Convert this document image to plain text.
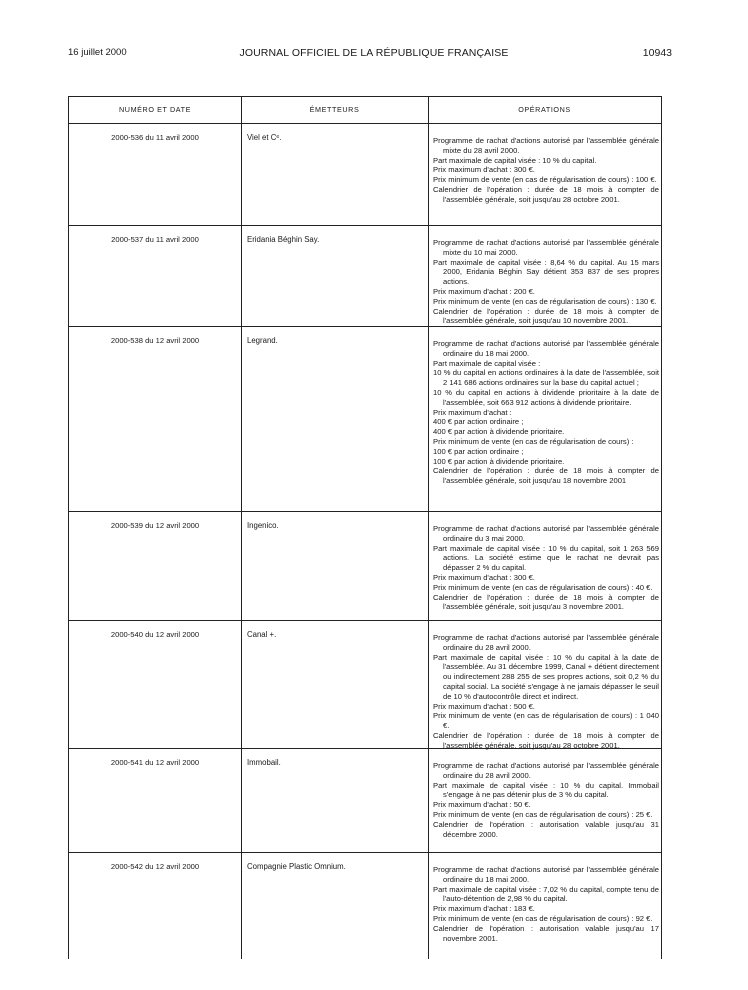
16 juillet 2000	JOURNAL OFFICIEL DE LA RÉPUBLIQUE FRANÇAISE	10943
NUMÉRO ET DATE	ÉMETTEURS	OPÉRATIONS
2000-536 du 11 avril 2000	Viel et Cᵉ.	Programme de rachat d'actions autorisé par l'assemblée générale mixte du 28 avril 2000.

Part maximale de capital visée : 10 % du capital.

Prix maximum d'achat : 300 €.

Prix minimum de vente (en cas de régularisation de cours) : 100 €.

Calendrier de l'opération : durée de 18 mois à compter de l'assemblée générale, soit jusqu'au 28 octobre 2001.

2000-537 du 11 avril 2000	Eridania Béghin Say.	Programme de rachat d'actions autorisé par l'assemblée générale mixte du 10 mai 2000.

Part maximale de capital visée : 8,64 % du capital. Au 15 mars 2000, Eridania Béghin Say détient 353 837 de ses propres actions.

Prix maximum d'achat : 200 €.

Prix minimum de vente (en cas de régularisation de cours) : 130 €.

Calendrier de l'opération : durée de 18 mois à compter de l'assemblée générale, soit jusqu'au 10 novembre 2001.

2000-538 du 12 avril 2000	Legrand.	Programme de rachat d'actions autorisé par l'assemblée générale ordinaire du 18 mai 2000.

Part maximale de capital visée :

10 % du capital en actions ordinaires à la date de l'assemblée, soit 2 141 686 actions ordinaires sur la base du capital actuel ;

10 % du capital en actions à dividende prioritaire à la date de l'assemblée, soit 663 912 actions à dividende prioritaire.

Prix maximum d'achat :

400 € par action ordinaire ;

400 € par action à dividende prioritaire.

Prix minimum de vente (en cas de régularisation de cours) :

100 € par action ordinaire ;

100 € par action à dividende prioritaire.

Calendrier de l'opération : durée de 18 mois à compter de l'assemblée générale, soit jusqu'au 18 novembre 2001

2000-539 du 12 avril 2000	Ingenico.	Programme de rachat d'actions autorisé par l'assemblée générale ordinaire du 3 mai 2000.

Part maximale de capital visée : 10 % du capital, soit 1 263 569 actions. La société estime que le rachat ne devrait pas dépasser 2 % du capital.

Prix maximum d'achat : 300 €.

Prix minimum de vente (en cas de régularisation de cours) : 40 €.

Calendrier de l'opération : durée de 18 mois à compter de l'assemblée générale, soit jusqu'au 3 novembre 2001.

2000-540 du 12 avril 2000	Canal +.	Programme de rachat d'actions autorisé par l'assemblée générale ordinaire du 28 avril 2000.

Part maximale de capital visée : 10 % du capital à la date de l'assemblée. Au 31 décembre 1999, Canal + détient directement ou indirectement 288 255 de ses propres actions, soit 0,2 % du capital social. La société s'engage à ne jamais dépasser le seuil de 10 % d'autocontrôle direct et indirect.

Prix maximum d'achat : 500 €.

Prix minimum de vente (en cas de régularisation de cours) : 1 040 €.

Calendrier de l'opération : durée de 18 mois à compter de l'assemblée générale, soit jusqu'au 28 octobre 2001.

2000-541 du 12 avril 2000	Immobail.	Programme de rachat d'actions autorisé par l'assemblée générale ordinaire du 28 avril 2000.

Part maximale de capital visée : 10 % du capital. Immobail s'engage à ne pas détenir plus de 3 % du capital.

Prix maximum d'achat : 50 €.

Prix minimum de vente (en cas de régularisation de cours) : 25 €.

Calendrier de l'opération : autorisation valable jusqu'au 31 décembre 2000.

2000-542 du 12 avril 2000	Compagnie Plastic Omnium.	Programme de rachat d'actions autorisé par l'assemblée générale ordinaire du 18 mai 2000.

Part maximale de capital visée : 7,02 % du capital, compte tenu de l'auto-détention de 2,98 % du capital.

Prix maximum d'achat : 183 €.

Prix minimum de vente (en cas de régularisation de cours) : 92 €.

Calendrier de l'opération : autorisation valable jusqu'au 17 novembre 2001.
